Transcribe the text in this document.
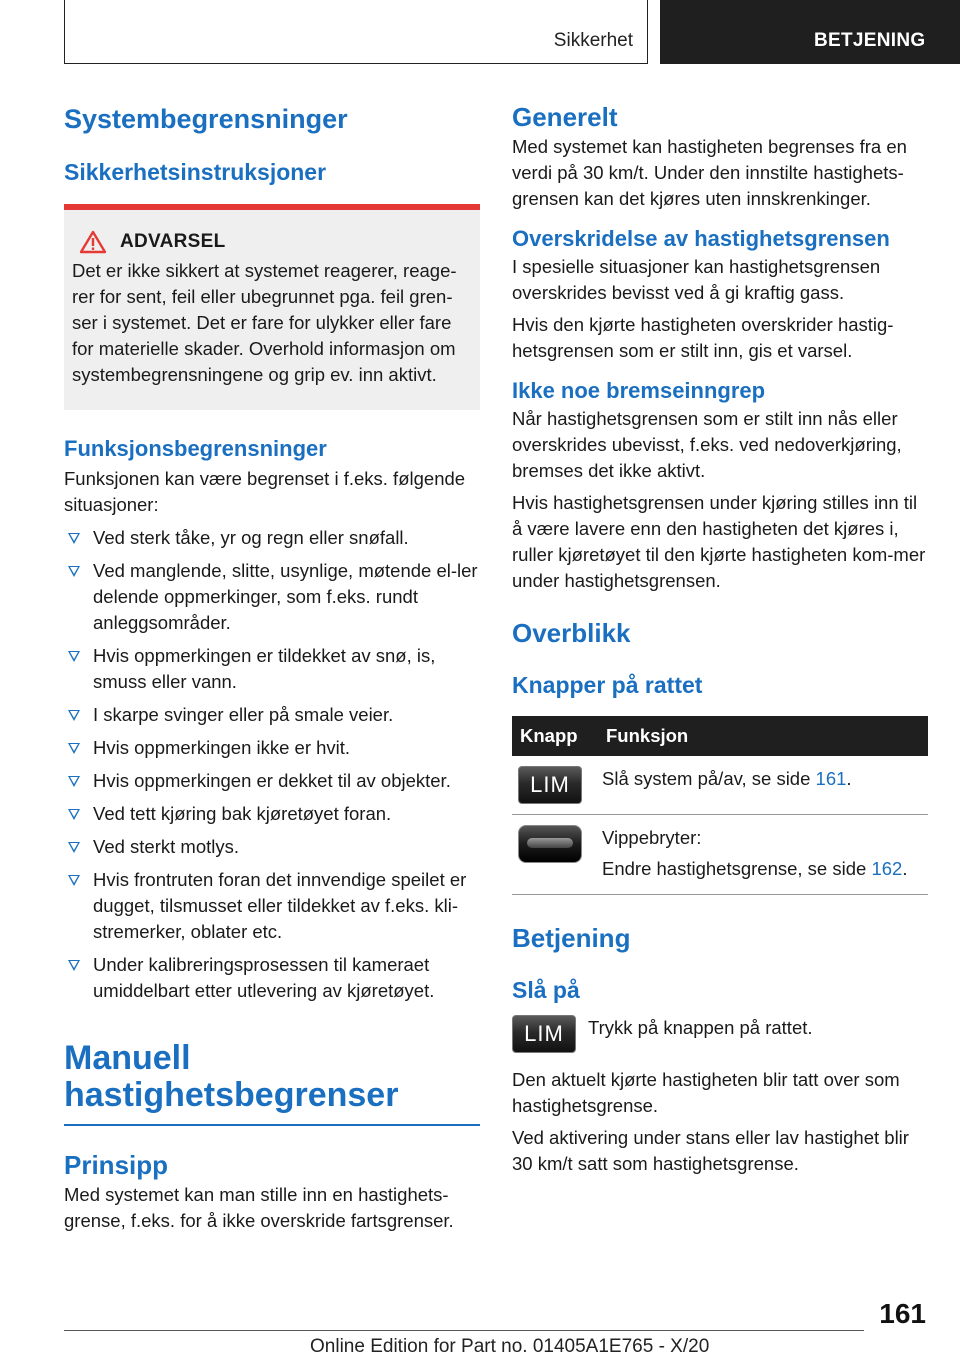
Sikkerhet	BETJENING
Systembegrensninger
Sikkerhetsinstruksjoner
ADVARSEL

Det er ikke sikkert at systemet reagerer, reage-rer for sent, feil eller ubegrunnet pga. feil gren-ser i systemet. Det er fare for ulykker eller fare for materielle skader. Overhold informasjon om systembegrensningene og grip ev. inn aktivt.

Funksjonsbegrensninger

Funksjonen kan være begrenset i f.eks. følgende situasjoner:

Ved sterk tåke, yr og regn eller snøfall.
Ved manglende, slitte, usynlige, møtende el-ler delende oppmerkinger, som f.eks. rundt anleggsområder.
Hvis oppmerkingen er tildekket av snø, is, smuss eller vann.
I skarpe svinger eller på smale veier.
Hvis oppmerkingen ikke er hvit.
Hvis oppmerkingen er dekket til av objekter.
Ved tett kjøring bak kjøretøyet foran.
Ved sterkt motlys.
Hvis frontruten foran det innvendige speilet er dugget, tilsmusset eller tildekket av f.eks. kli-stremerker, oblater etc.
Under kalibreringsprosessen til kameraet umiddelbart etter utlevering av kjøretøyet.
Manuell hastighetsbegrenser
Prinsipp

Med systemet kan man stille inn en hastighets-grense, f.eks. for å ikke overskride fartsgrenser.

Generelt

Med systemet kan hastigheten begrenses fra en verdi på 30 km/t. Under den innstilte hastighets-grensen kan det kjøres uten innskrenkinger.

Overskridelse av hastighetsgrensen

I spesielle situasjoner kan hastighetsgrensen overskrides bevisst ved å gi kraftig gass.

Hvis den kjørte hastigheten overskrider hastig-hetsgrensen som er stilt inn, gis et varsel.

Ikke noe bremseinngrep

Når hastighetsgrensen som er stilt inn nås eller overskrides ubevisst, f.eks. ved nedoverkjøring, bremses det ikke aktivt.

Hvis hastighetsgrensen under kjøring stilles inn til å være lavere enn den hastigheten det kjøres i, ruller kjøretøyet til den kjørte hastigheten kom-mer under hastighetsgrensen.

Overblikk
Knapper på rattet
Knapp	Funksjon
LIM	Slå system på/av, se side 161.

	Vippebryter:
Endre hastighetsgrense, se side 162.
Betjening
Slå på
LIM	Trykk på knappen på rattet.

Den aktuelt kjørte hastigheten blir tatt over som hastighetsgrense.

Ved aktivering under stans eller lav hastighet blir 30 km/t satt som hastighetsgrense.

161
Online Edition for Part no. 01405A1E765 - X/20
